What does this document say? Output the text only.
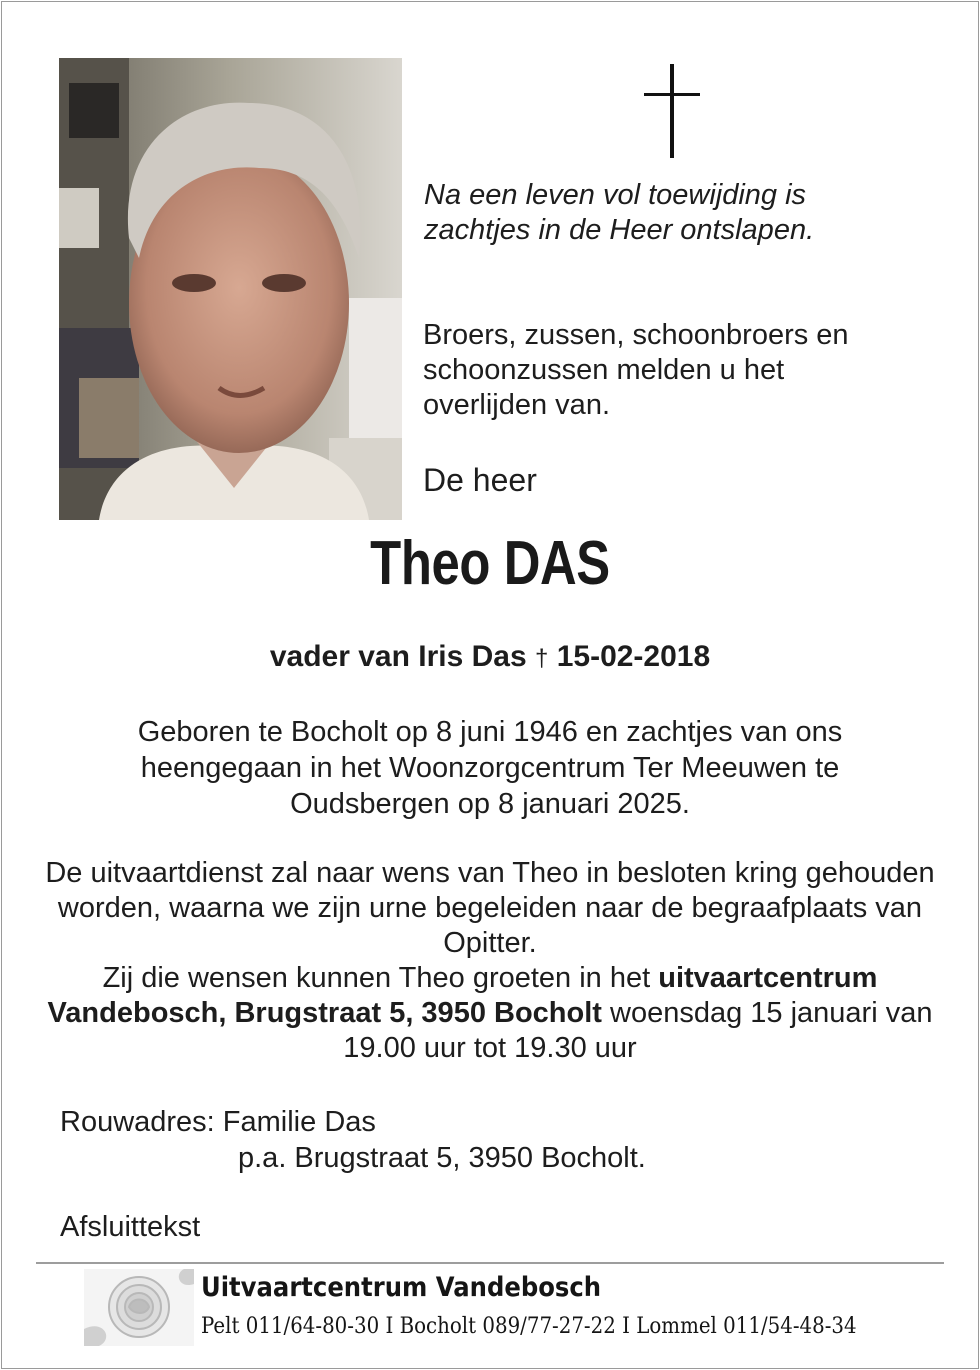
Na een leven vol toewijding is zachtjes in de Heer ontslapen.

Broers, zussen, schoonbroers en schoonzussen melden u het overlijden van.

De heer

Theo DAS

vader van Iris Das † 15-02-2018

Geboren te Bocholt op 8 juni 1946 en zachtjes van ons heengegaan in het Woonzorgcentrum Ter Meeuwen te Oudsbergen op 8 januari 2025.

De uitvaartdienst zal naar wens van Theo in besloten kring gehouden worden, waarna we zijn urne begeleiden naar de begraafplaats van Opitter.
Zij die wensen kunnen Theo groeten in het uitvaartcentrum Vandebosch, Brugstraat 5, 3950 Bocholt woensdag 15 januari van 19.00 uur tot 19.30 uur

Rouwadres: Familie Das

p.a. Brugstraat 5, 3950 Bocholt.

Afsluittekst

Uitvaartcentrum Vandebosch

Pelt 011/64-80-30 I Bocholt 089/77-27-22 I Lommel 011/54-48-34
